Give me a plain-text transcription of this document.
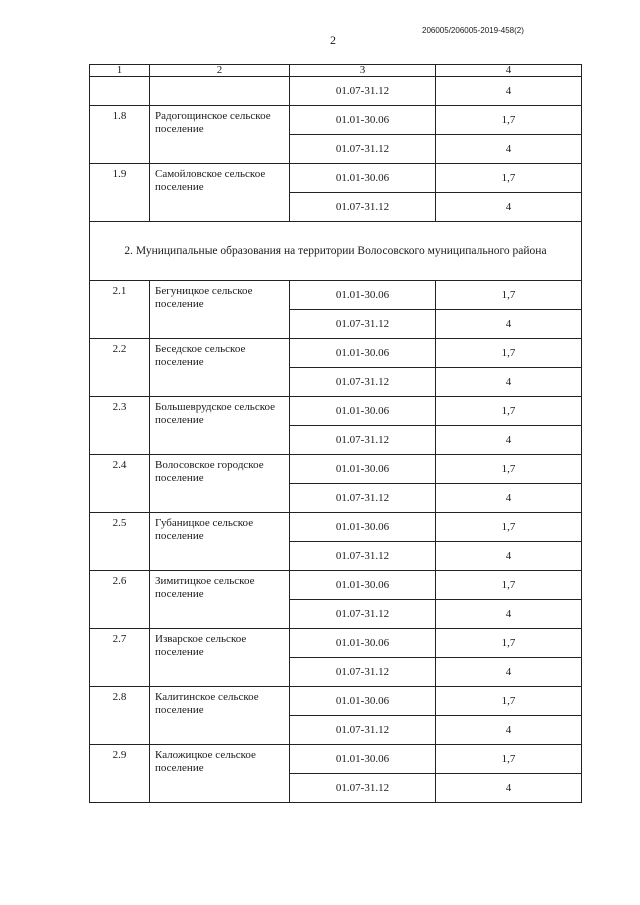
2
206005/206005-2019-458(2)
1	2	3	4
		01.07-31.12	4
1.8	Радогощинское сельское поселение	01.01-30.06	1,7
		01.07-31.12	4
1.9	Самойловское сельское поселение	01.01-30.06	1,7
		01.07-31.12	4
2. Муниципальные образования на территории Волосовского муниципального района			
2.1	Бегуницкое сельское поселение	01.01-30.06	1,7
		01.07-31.12	4
2.2	Беседское сельское поселение	01.01-30.06	1,7
		01.07-31.12	4
2.3	Большеврудское сельское поселение	01.01-30.06	1,7
		01.07-31.12	4
2.4	Волосовское городское поселение	01.01-30.06	1,7
		01.07-31.12	4
2.5	Губаницкое сельское поселение	01.01-30.06	1,7
		01.07-31.12	4
2.6	Зимитицкое сельское поселение	01.01-30.06	1,7
		01.07-31.12	4
2.7	Изварское сельское поселение	01.01-30.06	1,7
		01.07-31.12	4
2.8	Калитинское сельское поселение	01.01-30.06	1,7
		01.07-31.12	4
2.9	Каложицкое сельское поселение	01.01-30.06	1,7
		01.07-31.12	4
